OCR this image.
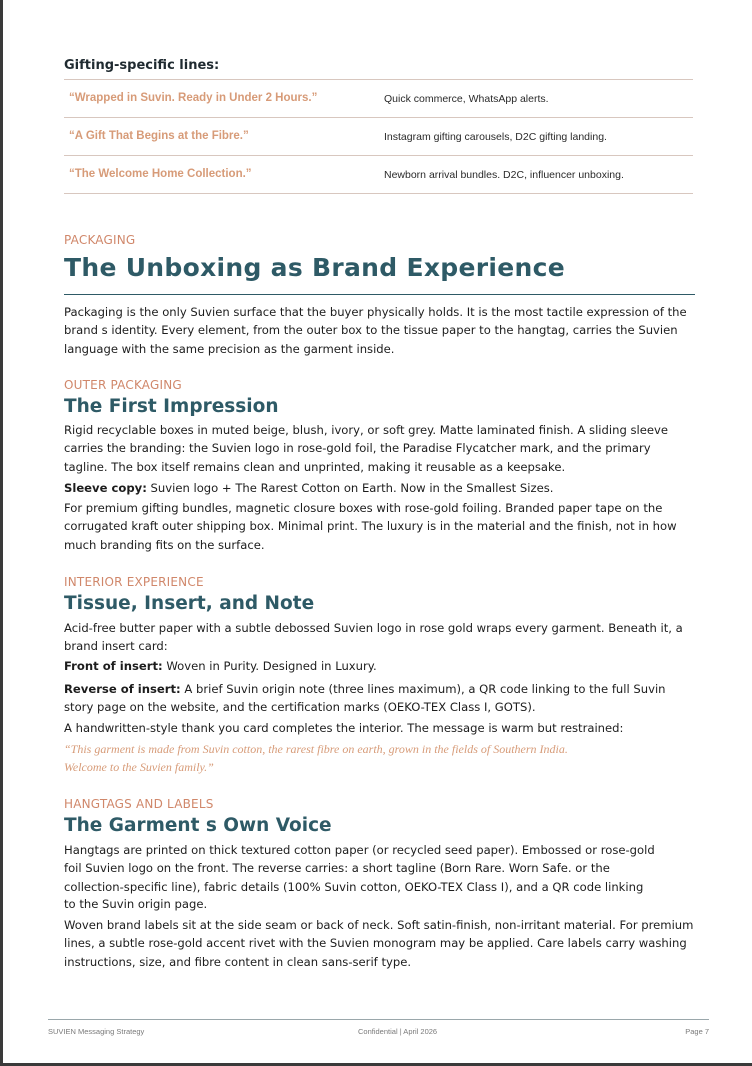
Gifting-specific lines:
“Wrapped in Suvin. Ready in Under 2 Hours.”	Quick commerce, WhatsApp alerts.
“A Gift That Begins at the Fibre.”	Instagram gifting carousels, D2C gifting landing.
“The Welcome Home Collection.”	Newborn arrival bundles. D2C, influencer unboxing.
PACKAGING
The Unboxing as Brand Experience

Packaging is the only Suvien surface that the buyer physically holds. It is the most tactile expression of the brand s identity. Every element, from the outer box to the tissue paper to the hangtag, carries the Suvien language with the same precision as the garment inside.

OUTER PACKAGING
The First Impression

Rigid recyclable boxes in muted beige, blush, ivory, or soft grey. Matte laminated finish. A sliding sleeve carries the branding: the Suvien logo in rose-gold foil, the Paradise Flycatcher mark, and the primary tagline. The box itself remains clean and unprinted, making it reusable as a keepsake.

Sleeve copy: Suvien logo + The Rarest Cotton on Earth. Now in the Smallest Sizes.

For premium gifting bundles, magnetic closure boxes with rose-gold foiling. Branded paper tape on the corrugated kraft outer shipping box. Minimal print. The luxury is in the material and the finish, not in how much branding fits on the surface.

INTERIOR EXPERIENCE
Tissue, Insert, and Note

Acid-free butter paper with a subtle debossed Suvien logo in rose gold wraps every garment. Beneath it, a brand insert card:

Front of insert: Woven in Purity. Designed in Luxury.

Reverse of insert: A brief Suvin origin note (three lines maximum), a QR code linking to the full Suvin story page on the website, and the certification marks (OEKO-TEX Class I, GOTS).

A handwritten-style thank you card completes the interior. The message is warm but restrained:

“This garment is made from Suvin cotton, the rarest fibre on earth, grown in the fields of Southern India.
Welcome to the Suvien family.”
HANGTAGS AND LABELS
The Garment s Own Voice

Hangtags are printed on thick textured cotton paper (or recycled seed paper). Embossed or rose-gold foil Suvien logo on the front. The reverse carries: a short tagline (Born Rare. Worn Safe. or the collection-specific line), fabric details (100% Suvin cotton, OEKO-TEX Class I), and a QR code linking

to the Suvin origin page.

Woven brand labels sit at the side seam or back of neck. Soft satin-finish, non-irritant material. For premium lines, a subtle rose-gold accent rivet with the Suvien monogram may be applied. Care labels carry washing instructions, size, and fibre content in clean sans-serif type.

SUVIEN Messaging Strategy	Confidential | April 2026	Page 7
